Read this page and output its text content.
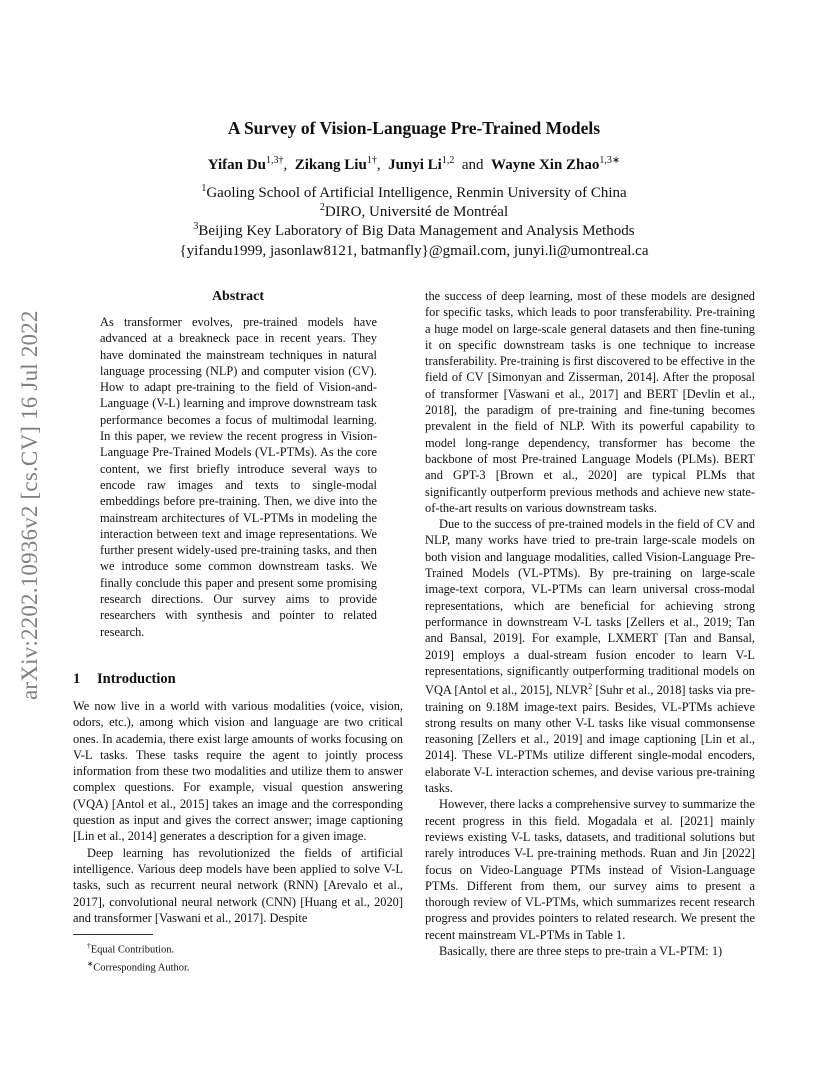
arXiv:2202.10936v2 [cs.CV] 16 Jul 2022
A Survey of Vision-Language Pre-Trained Models
Yifan $Du^{1,3\dagger}$, Zikang Liu$^{1\dagger}$, Junyi Li$^{1,2}$ and Wayne Xin Zhao$^{1,3∗}$
$^1$Gaoling School of Artificial Intelligence, Renmin University of China
$^2$DIRO, Université de Montréal
$^3$Beijing Key Laboratory of Big Data Management and Analysis Methods
{yifandu1999, jasonlaw8121, batmanfly}@gmail.com, junyi.li@umontreal.ca
Abstract

As transformer evolves, pre-trained models have advanced at a breakneck pace in recent years. They have dominated the mainstream techniques in natural language processing (NLP) and computer vision (CV). How to adapt pre-training to the field of Vision-and-Language (V-L) learning and improve downstream task performance becomes a focus of multimodal learning. In this paper, we review the recent progress in Vision-Language Pre-Trained Models (VL-PTMs). As the core content, we first briefly introduce several ways to encode raw images and texts to single-modal embeddings before pre-training. Then, we dive into the mainstream architectures of VL-PTMs in modeling the interaction between text and image representations. We further present widely-used pre-training tasks, and then we introduce some common downstream tasks. We finally conclude this paper and present some promising research directions. Our survey aims to provide researchers with synthesis and pointer to related research.

1 Introduction

We now live in a world with various modalities (voice, vision, odors, etc.), among which vision and language are two critical ones. In academia, there exist large amounts of works focusing on V-L tasks. These tasks require the agent to jointly process information from these two modalities and utilize them to answer complex questions. For example, visual question answering (VQA) [Antol et al., 2015] takes an image and the corresponding question as input and gives the correct answer; image captioning [Lin et al., 2014] generates a description for a given image.

Deep learning has revolutionized the fields of artificial intelligence. Various deep models have been applied to solve V-L tasks, such as recurrent neural network (RNN) [Arevalo et al., 2017], convolutional neural network (CNN) [Huang et al., 2020] and transformer [Vaswani et al., 2017]. Despite

†Equal Contribution.
∗Corresponding Author.

the success of deep learning, most of these models are designed for specific tasks, which leads to poor transferability. Pre-training a huge model on large-scale general datasets and then fine-tuning it on specific downstream tasks is one technique to increase transferability. Pre-training is first discovered to be effective in the field of CV [Simonyan and Zisserman, 2014]. After the proposal of transformer [Vaswani et al., 2017] and BERT [Devlin et al., 2018], the paradigm of pre-training and fine-tuning becomes prevalent in the field of NLP. With its powerful capability to model long-range dependency, transformer has become the backbone of most Pre-trained Language Models (PLMs). BERT and GPT-3 [Brown et al., 2020] are typical PLMs that significantly outperform previous methods and achieve new state-of-the-art results on various downstream tasks.

Due to the success of pre-trained models in the field of CV and NLP, many works have tried to pre-train large-scale models on both vision and language modalities, called Vision-Language Pre-Trained Models (VL-PTMs). By pre-training on large-scale image-text corpora, VL-PTMs can learn universal cross-modal representations, which are beneficial for achieving strong performance in downstream V-L tasks [Zellers et al., 2019; Tan and Bansal, 2019]. For example, LXMERT [Tan and Bansal, 2019] employs a dual-stream fusion encoder to learn V-L representations, significantly outperforming traditional models on VQA [Antol et al., 2015], NLVR$^2$ [Suhr et al., 2018] tasks via pre-training on 9.18M image-text pairs. Besides, VL-PTMs achieve strong results on many other V-L tasks like visual commonsense reasoning [Zellers et al., 2019] and image captioning [Lin et al., 2014]. These VL-PTMs utilize different single-modal encoders, elaborate V-L interaction schemes, and devise various pre-training tasks.

However, there lacks a comprehensive survey to summarize the recent progress in this field. Mogadala et al. [2021] mainly reviews existing V-L tasks, datasets, and traditional solutions but rarely introduces V-L pre-training methods. Ruan and Jin [2022] focus on Video-Language PTMs instead of Vision-Language PTMs. Different from them, our survey aims to present a thorough review of VL-PTMs, which summarizes recent research progress and provides pointers to related research. We present the recent mainstream VL-PTMs in Table 1.

Basically, there are three steps to pre-train a VL-PTM: 1)
